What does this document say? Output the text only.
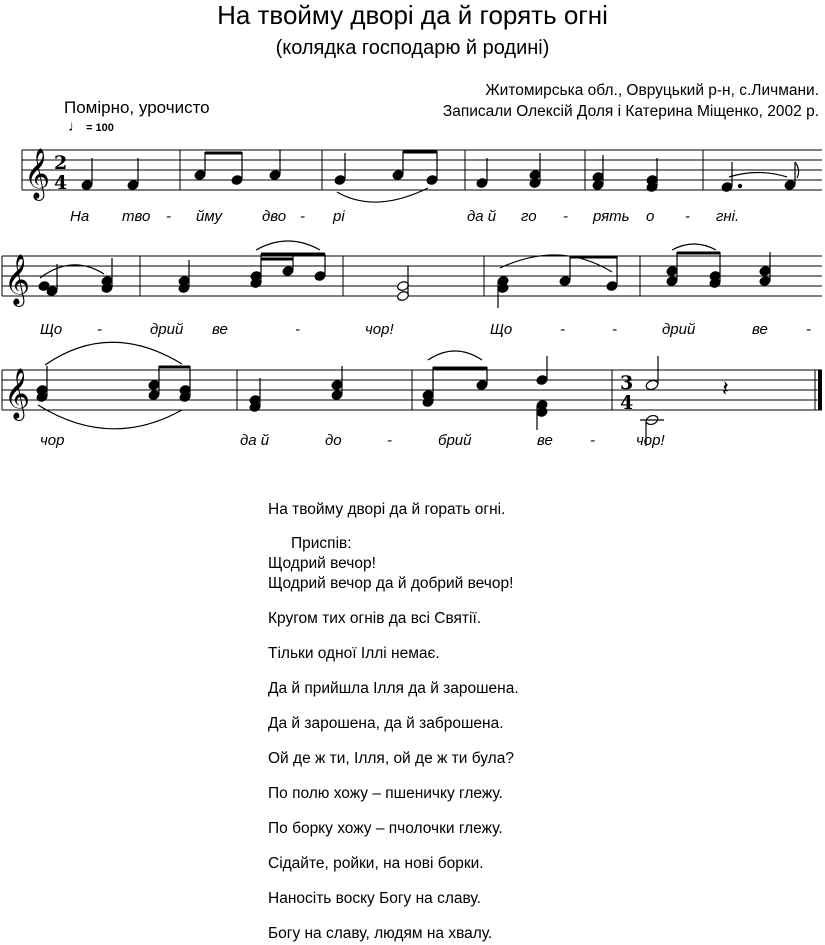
На твойму дворі да й горять огні
(колядка господарю й родині)
Житомирська обл., Овруцький р-н, с.Личмани.
Записали Олексій Доля і Катерина Міщенко, 2002 р.
Помірно, урочисто
♩ = 100
𝄞 2
4
𝄞
𝄞	3
4
𝄽
На тво - йму	дво - рі	да й го - рять о - гні.
Що -	дрий ве	-	чор!	Що	-	-	дрий	ве	-
чор	да й	до	-	брий	ве -	чор!
На твойму дворі да й горать огні.
Приспів:
Щодрий вечор!
Щодрий вечор да й добрий вечор!
Кругом тих огнів да всі Святії.
Тільки одної Іллі немає.
Да й прийшла Ілля да й зарошена.
Да й зарошена, да й заброшена.
Ой де ж ти, Ілля, ой де ж ти була?
По полю хожу – пшеничку глежу.
По борку хожу – пчолочки глежу.
Сідайте, ройки, на нові борки.
Наносіть воску Богу на славу.
Богу на славу, людям на хвалу.
